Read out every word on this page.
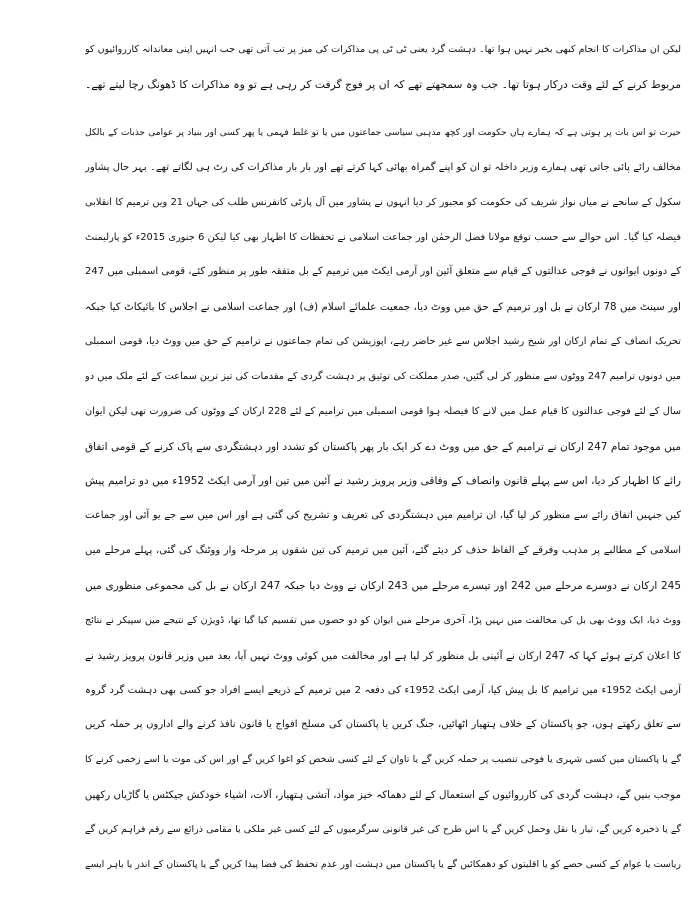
لیکن ان مذاکرات کا انجام کبھی بخیر نہیں ہوا تھا۔ دہشت گرد یعنی ٹی ٹی پی مذاکرات کی میز پر تب آتی تھی جب انہیں اپنی معاندانہ کارروائیوں کو
مربوط کرنے کے لئے وقت درکار ہوتا تھا۔ جب وہ سمجھتے تھے کہ ان پر فوج گرفت کر رہی ہے تو وہ مذاکرات کا ڈھونگ رچا لیتے تھے۔
حیرت تو اس بات پر ہوتی ہے کہ ہمارے ہاں حکومت اور کچھ مذہبی سیاسی جماعتوں میں یا تو غلط فہمی یا پھر کسی اور بنیاد پر عوامی جذبات کے بالکل
مخالف رائے پائی جاتی تھی ہمارے وزیر داخلہ تو ان کو اپنے گمراہ بھائی کہا کرتے تھے اور بار بار مذاکرات کی رٹ ہی لگاتے تھے۔ بہر حال پشاور
سکول کے سانحے نے میاں نواز شریف کی حکومت کو مجبور کر دیا انہوں نے پشاور میں آل پارٹی کانفرنس طلب کی جہاں 21 ویں ترمیم کا انقلابی
فیصلہ کیا گیا۔ اس حوالے سے حسب توقع مولانا فضل الرحمٰن اور جماعت اسلامی نے تحفظات کا اظہار بھی کیا لیکن 6 جنوری 2015ء کو پارلیمنٹ
کے دونوں ایوانوں نے فوجی عدالتوں کے قیام سے متعلق آئین اور آرمی ایکٹ میں ترمیم کے بل متفقہ طور پر منظور کئے، قومی اسمبلی میں 247
اور سینٹ میں 78 ارکان نے بل اور ترمیم کے حق میں ووٹ دیا، جمعیت علمائے اسلام (ف) اور جماعت اسلامی نے اجلاس کا بائیکاٹ کیا جبکہ
تحریک انصاف کے تمام ارکان اور شیخ رشید اجلاس سے غیر حاضر رہے، اپوزیشن کی تمام جماعتوں نے ترامیم کے حق میں ووٹ دیا، قومی اسمبلی
میں دونوں ترامیم 247 ووٹوں سے منظور کر لی گئیں، صدر مملکت کی توثیق پر دہشت گردی کے مقدمات کی تیز ترین سماعت کے لئے ملک میں دو
سال کے لئے فوجی عدالتوں کا قیام عمل میں لانے کا فیصلہ ہوا قومی اسمبلی میں ترامیم کے لئے 228 ارکان کے ووٹوں کی ضرورت تھی لیکن ایوان
میں موجود تمام 247 ارکان نے ترامیم کے حق میں ووٹ دے کر ایک بار پھر پاکستان کو تشدد اور دہشتگردی سے پاک کرنے کے قومی اتفاق
رائے کا اظہار کر دیا، اس سے پہلے قانون وانصاف کے وفاقی وزیر پرویز رشید نے آئین میں تین اور آرمی ایکٹ 1952ء میں دو ترامیم پیش
کیں جنہیں اتفاق رائے سے منظور کر لیا گیا، ان ترامیم میں دہشتگردی کی تعریف و تشریح کی گئی ہے اور اس میں سے جے یو آئی اور جماعت
اسلامی کے مطالبے پر مذہب وفرقے کے الفاظ حذف کر دیئے گئے، آئین میں ترمیم کی تین شقوں پر مرحلہ وار ووٹنگ کی گئی، پہلے مرحلے میں
245 ارکان نے دوسرے مرحلے میں 242 اور تیسرے مرحلے میں 243 ارکان نے ووٹ دیا جبکہ 247 ارکان نے بل کی مجموعی منظوری میں
ووٹ دیا، ایک ووٹ بھی بل کی مخالفت میں نہیں پڑا، آخری مرحلے میں ایوان کو دو حصوں میں تقسیم کیا گیا تھا، ڈویژن کے نتیجے میں سپیکر نے نتائج
کا اعلان کرتے ہوئے کہا کہ 247 ارکان نے آئینی بل منظور کر لیا ہے اور مخالفت میں کوئی ووٹ نہیں آیا، بعد میں وزیر قانون پرویز رشید نے
آرمی ایکٹ 1952ء میں ترامیم کا بل پیش کیا، آرمی ایکٹ 1952ء کی دفعہ 2 میں ترمیم کے ذریعے ایسے افراد جو کسی بھی دہشت گرد گروہ
سے تعلق رکھتے ہوں، جو پاکستان کے خلاف ہتھیار اٹھائیں، جنگ کریں یا پاکستان کی مسلح افواج یا قانون نافذ کرنے والے اداروں پر حملہ کریں
گے یا پاکستان میں کسی شہری یا فوجی تنصیب پر حملہ کریں گے یا تاوان کے لئے کسی شخص کو اغوا کریں گے اور اس کی موت یا اسے زخمی کرنے کا
موجب بنیں گے، دہشت گردی کی کارروائیوں کے استعمال کے لئے دھماکہ خیز مواد، آتشی ہتھیار، آلات، اشیاء خودکش جیکٹس یا گاڑیاں رکھیں
گے یا ذخیرہ کریں گے، تیار یا نقل وحمل کریں گے یا اس طرح کی غیر قانونی سرگرمیوں کے لئے کسی غیر ملکی یا مقامی ذرائع سے رقم فراہم کریں گے
ریاست یا عوام کے کسی حصے کو یا اقلیتوں کو دھمکائیں گے یا پاکستان میں دہشت اور عدم تحفظ کی فضا پیدا کریں گے یا پاکستان کے اندر یا باہر ایسے
